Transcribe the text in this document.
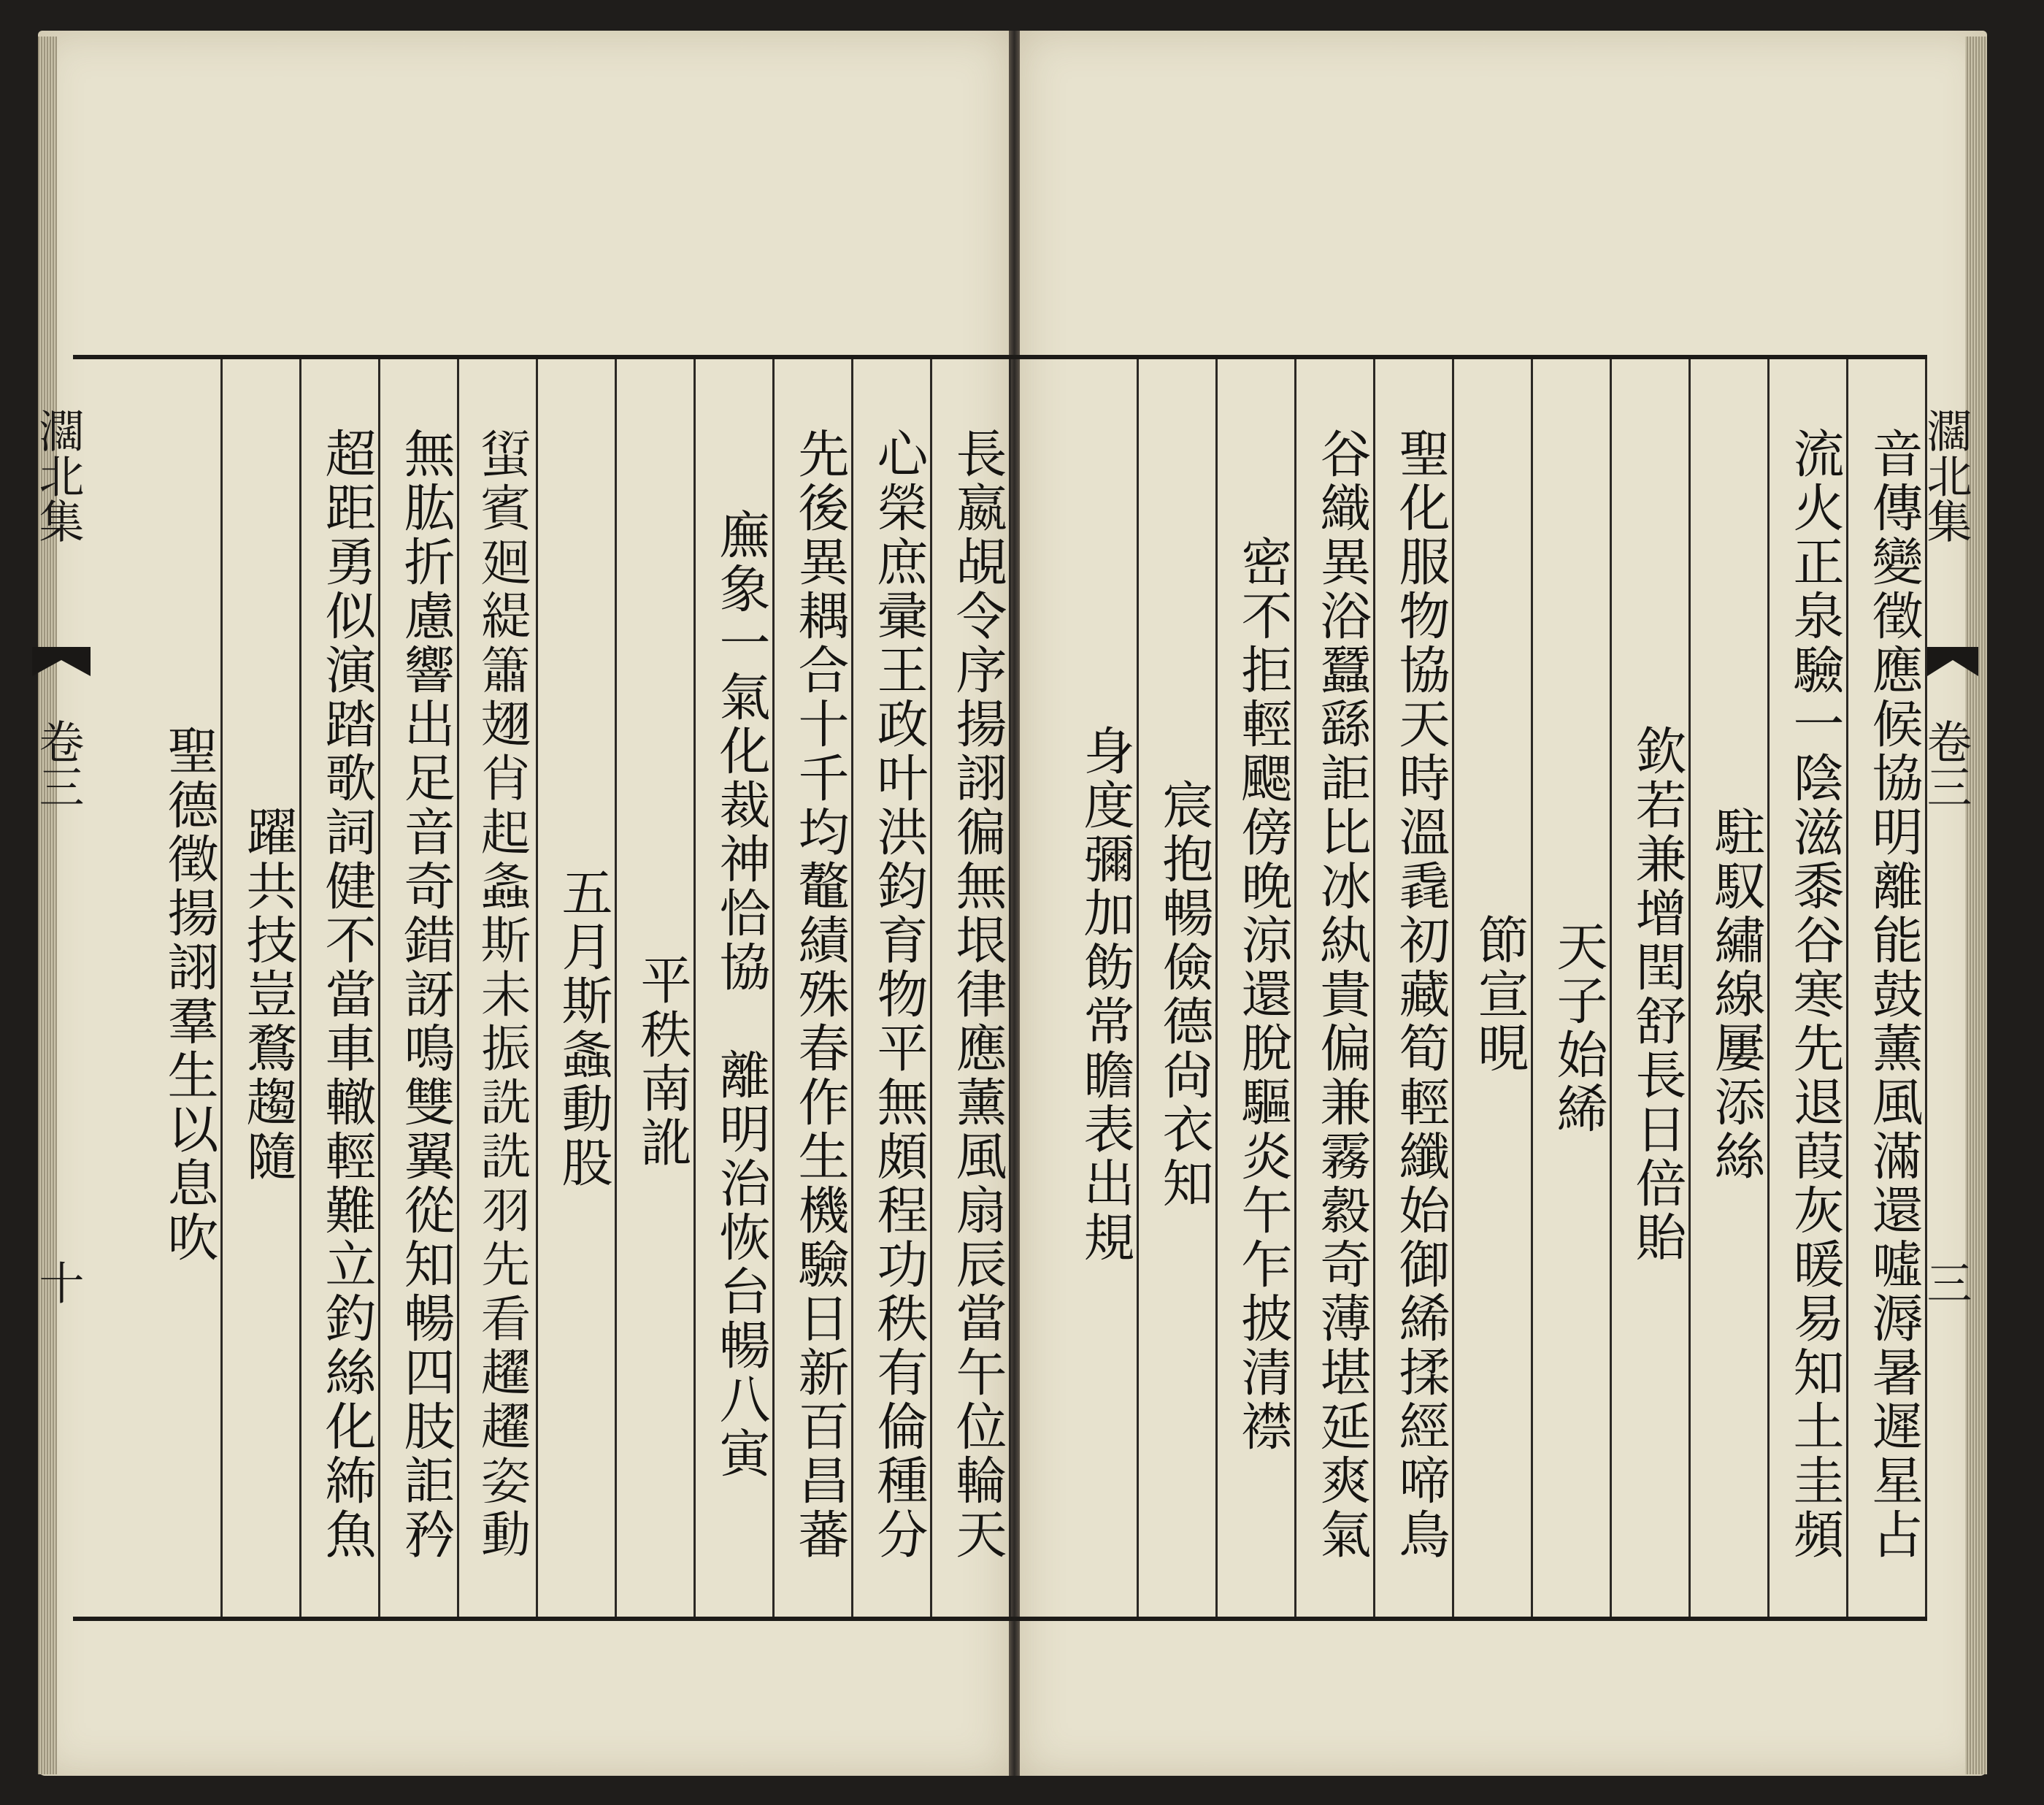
長嬴覘令序揚詡徧無垠律應薰風扇辰當午位輪天
心榮庶彚王政叶洪鈞育物平無頗程功秩有倫種分
先後異耦合十千均鼇績殊春作生機驗日新百昌蕃
廡象一氣化裁神恰協　離明治恢台暢八寅
平秩南訛
五月斯螽動股
𧍢賓廻緹簫翅肖起螽斯未振詵詵羽先看趯趯姿動
無肱折慮響出足音奇錯訝鳴雙翼從知暢四肢詎矜
超距勇似演踏歌詞健不當車轍輕難立釣絲化𥿠魚
躍共技豈鶩趨隨
聖德徵揚詡羣生以息吹
𤄃北集
卷三
十	音傳變徵應候協明離能鼓薰風滿還噓溽暑遲星占
流火正泉驗一陰滋黍谷寒先退葭灰暖易知土圭頻
駐馭繡線屢添絲
欽若兼增閏舒長日倍貽
天子始絺
節宣晛
聖化服物協天時溫毳初藏筍輕纖始御絺揉經啼鳥
谷織異浴蠶繇詎比冰紈貴偏兼霧縠奇薄堪延爽氣
密不拒輕颸傍晚涼還脫驅炎午乍披清襟
宸抱暢儉德尙衣知
身度彌加飭常瞻表出規
𤄃北集
卷三
三
